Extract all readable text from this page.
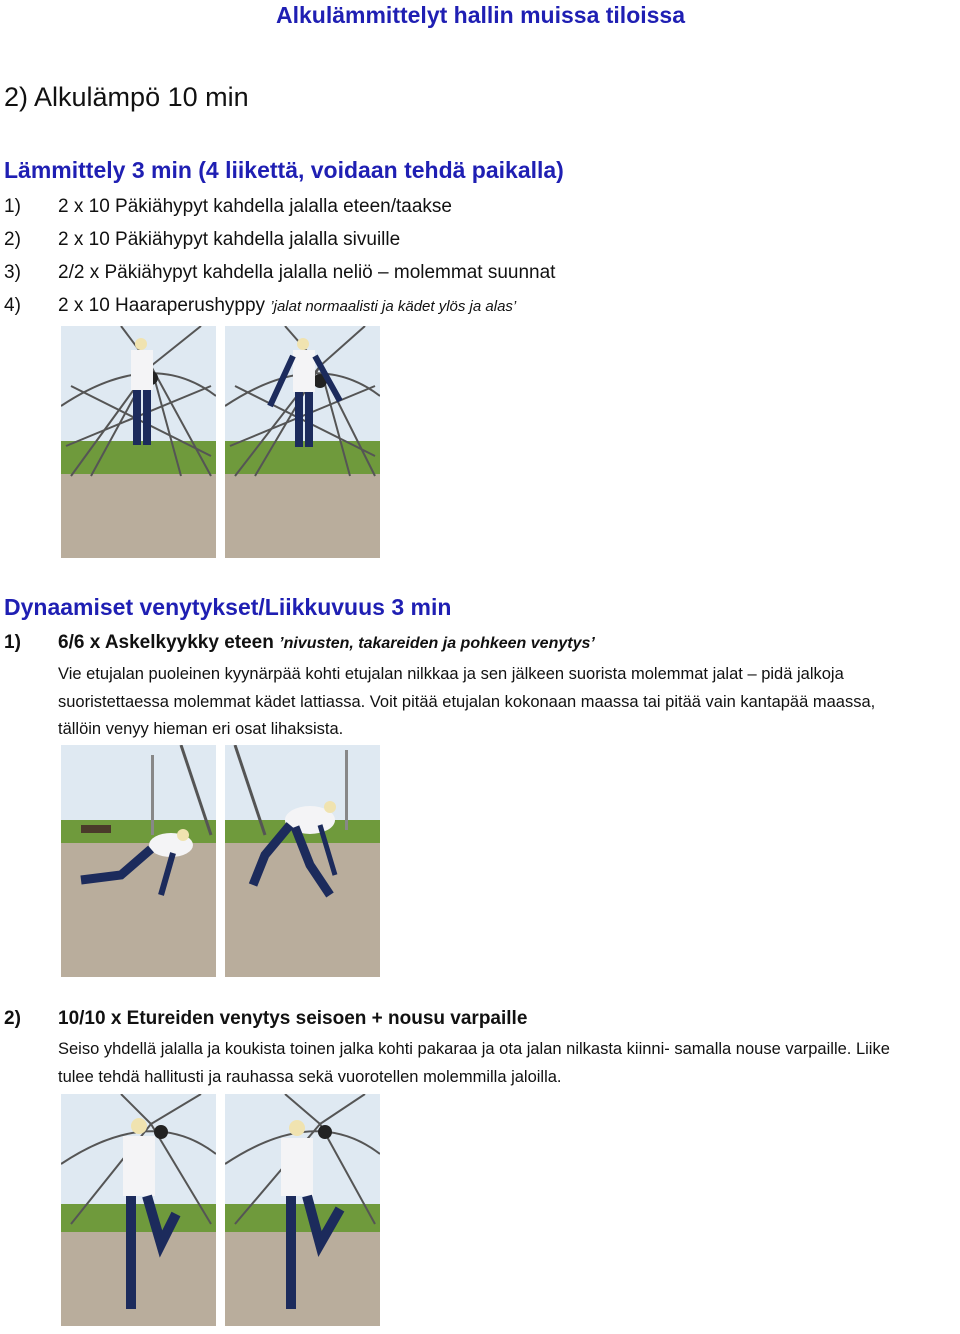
Alkulämmittelyt hallin muissa tiloissa
2) Alkulämpö 10 min
Lämmittely 3 min (4 liikettä, voidaan tehdä paikalla)
1) 2 x 10 Päkiähypyt kahdella jalalla eteen/taakse
2) 2 x 10 Päkiähypyt kahdella jalalla sivuille
3) 2/2 x Päkiähypyt kahdella jalalla neliö – molemmat suunnat
4) 2 x 10 Haaraperushyppy ’jalat normaalisti ja kädet ylös ja alas’
Dynaamiset venytykset/Liikkuvuus 3 min
1) 6/6 x Askelkyykky eteen ’nivusten, takareiden ja pohkeen venytys’
Vie etujalan puoleinen kyynärpää kohti etujalan nilkkaa ja sen jälkeen suorista molemmat jalat – pidä jalkoja
suoristettaessa molemmat kädet lattiassa. Voit pitää etujalan kokonaan maassa tai pitää vain kantapää maassa,
tällöin venyy hieman eri osat lihaksista.
2) 10/10 x Etureiden venytys seisoen + nousu varpaille
Seiso yhdellä jalalla ja koukista toinen jalka kohti pakaraa ja ota jalan nilkasta kiinni- samalla nouse varpaille. Liike
tulee tehdä hallitusti ja rauhassa sekä vuorotellen molemmilla jaloilla.
